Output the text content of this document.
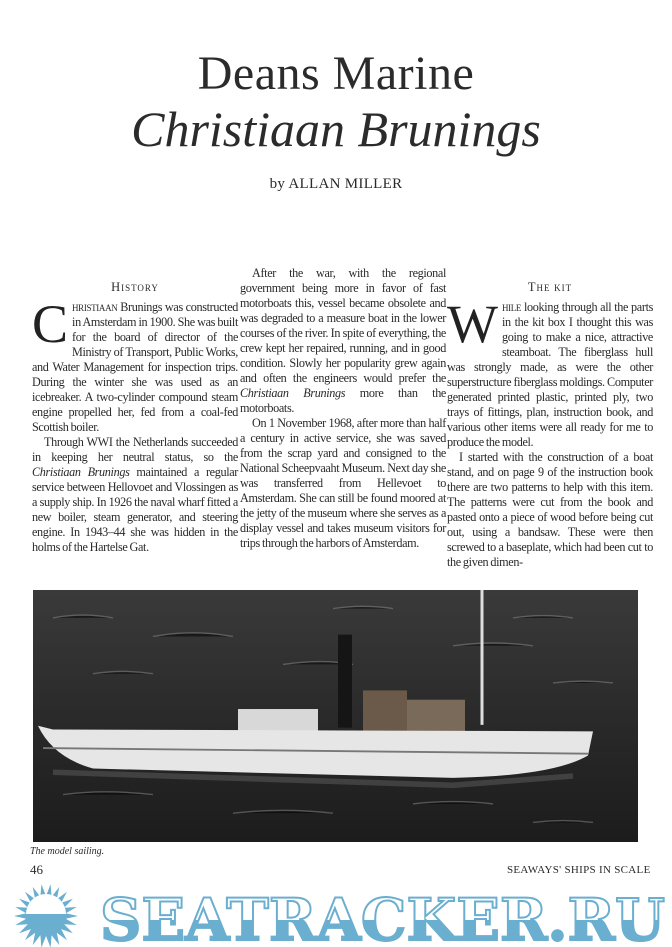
Deans Marine
Christiaan Brunings
by ALLAN MILLER
History

Christiaan Brunings was constructed in Amsterdam in 1900. She was built for the board of director of the Ministry of Transport, Public Works, and Water Management for inspection trips. During the winter she was used as an icebreaker. A two-cylinder compound steam engine propelled her, fed from a coal-fed Scottish boiler.

Through WWI the Netherlands succeeded in keeping her neutral status, so the Christiaan Brunings maintained a regular service between Hellovoet and Vlossingen as a supply ship. In 1926 the naval wharf fitted a new boiler, steam generator, and steering engine. In 1943–44 she was hidden in the holms of the Hartelse Gat.

After the war, with the regional government being more in favor of fast motorboats this, vessel became obsolete and was degraded to a measure boat in the lower courses of the river. In spite of everything, the crew kept her repaired, running, and in good condition. Slowly her popularity grew again and often the engineers would prefer the Christiaan Brunings more than the motorboats.

On 1 November 1968, after more than half a century in active service, she was saved from the scrap yard and consigned to the National Scheepvaaht Museum. Next day she was transferred from Hellevoet to Amsterdam. She can still be found moored at the jetty of the museum where she serves as a display vessel and takes museum visitors for trips through the harbors of Amsterdam.

The kit

While looking through all the parts in the kit box I thought this was going to make a nice, attractive steamboat. The fiberglass hull was strongly made, as were the other superstructure fiberglass moldings. Computer generated printed plastic, printed ply, two trays of fittings, plan, instruction book, and various other items were all ready for me to produce the model.

I started with the construction of a boat stand, and on page 9 of the instruction book there are two patterns to help with this item. The patterns were cut from the book and pasted onto a piece of wood before being cut out, using a bandsaw. These were then screwed to a baseplate, which had been cut to the given dimen-

The model sailing.
46	SEAWAYS' SHIPS IN SCALE
SEATRACKER.RU
